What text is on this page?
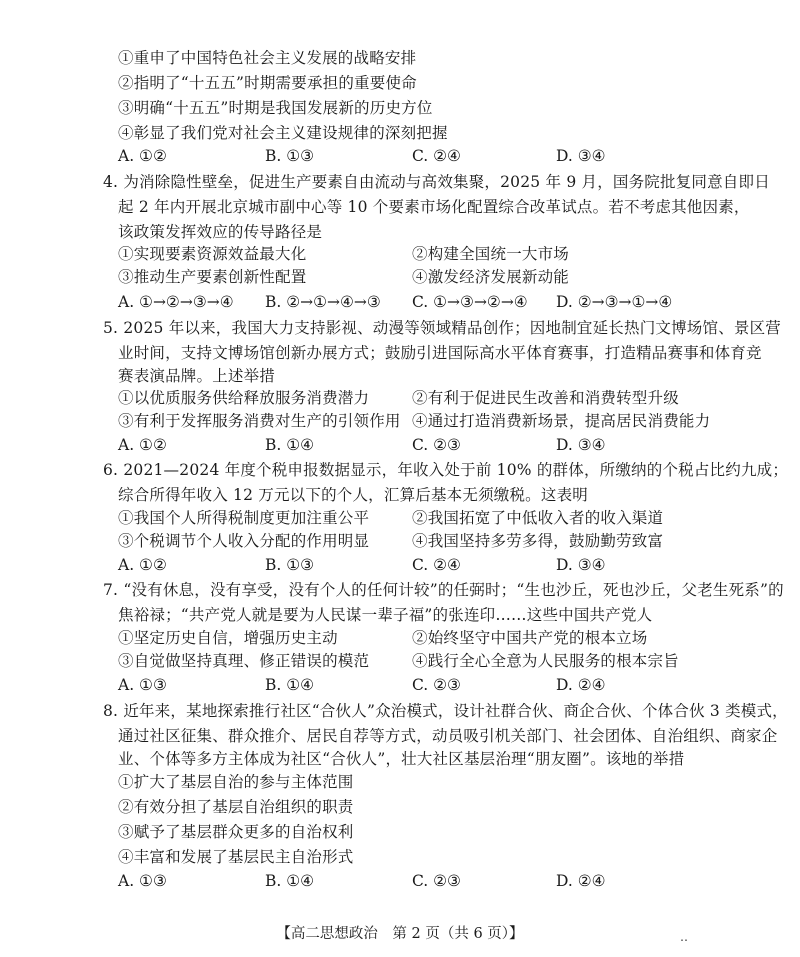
①重申了中国特色社会主义发展的战略安排
②指明了“十五五”时期需要承担的重要使命
③明确“十五五”时期是我国发展新的历史方位
④彰显了我们党对社会主义建设规律的深刻把握
A. ①②	B. ①③	C. ②④	D. ③④
4. 为消除隐性壁垒，促进生产要素自由流动与高效集聚，2025 年 9 月，国务院批复同意自即日
起 2 年内开展北京城市副中心等 10 个要素市场化配置综合改革试点。若不考虑其他因素，
该政策发挥效应的传导路径是
①实现要素资源效益最大化	②构建全国统一大市场
③推动生产要素创新性配置	④激发经济发展新动能
A. ①→②→③→④ B. ②→①→④→③ C. ①→③→②→④ D. ②→③→①→④
5. 2025 年以来，我国大力支持影视、动漫等领域精品创作；因地制宜延长热门文博场馆、景区营
业时间，支持文博场馆创新办展方式；鼓励引进国际高水平体育赛事，打造精品赛事和体育竞
赛表演品牌。上述举措
①以优质服务供给释放服务消费潜力	②有利于促进民生改善和消费转型升级
③有利于发挥服务消费对生产的引领作用 ④通过打造消费新场景，提高居民消费能力
A. ①②	B. ①④	C. ②③	D. ③④
6. 2021—2024 年度个税申报数据显示，年收入处于前 10% 的群体，所缴纳的个税占比约九成；
综合所得年收入 12 万元以下的个人，汇算后基本无须缴税。这表明
①我国个人所得税制度更加注重公平	②我国拓宽了中低收入者的收入渠道
③个税调节个人收入分配的作用明显	④我国坚持多劳多得，鼓励勤劳致富
A. ①②	B. ①③	C. ②④	D. ③④
7. “没有休息，没有享受，没有个人的任何计较”的任弼时；“生也沙丘，死也沙丘，父老生死系”的
焦裕禄；“共产党人就是要为人民谋一辈子福”的张连印……这些中国共产党人
①坚定历史自信，增强历史主动	②始终坚守中国共产党的根本立场
③自觉做坚持真理、修正错误的模范	④践行全心全意为人民服务的根本宗旨
A. ①③	B. ①④	C. ②③	D. ②④
8. 近年来，某地探索推行社区“合伙人”众治模式，设计社群合伙、商企合伙、个体合伙 3 类模式，
通过社区征集、群众推介、居民自荐等方式，动员吸引机关部门、社会团体、自治组织、商家企
业、个体等多方主体成为社区“合伙人”，壮大社区基层治理“朋友圈”。该地的举措
①扩大了基层自治的参与主体范围
②有效分担了基层自治组织的职责
③赋予了基层群众更多的自治权利
④丰富和发展了基层民主自治形式
A. ①③	B. ①④	C. ②③	D. ②④
【高二思想政治　第 2 页（共 6 页）】	‥
